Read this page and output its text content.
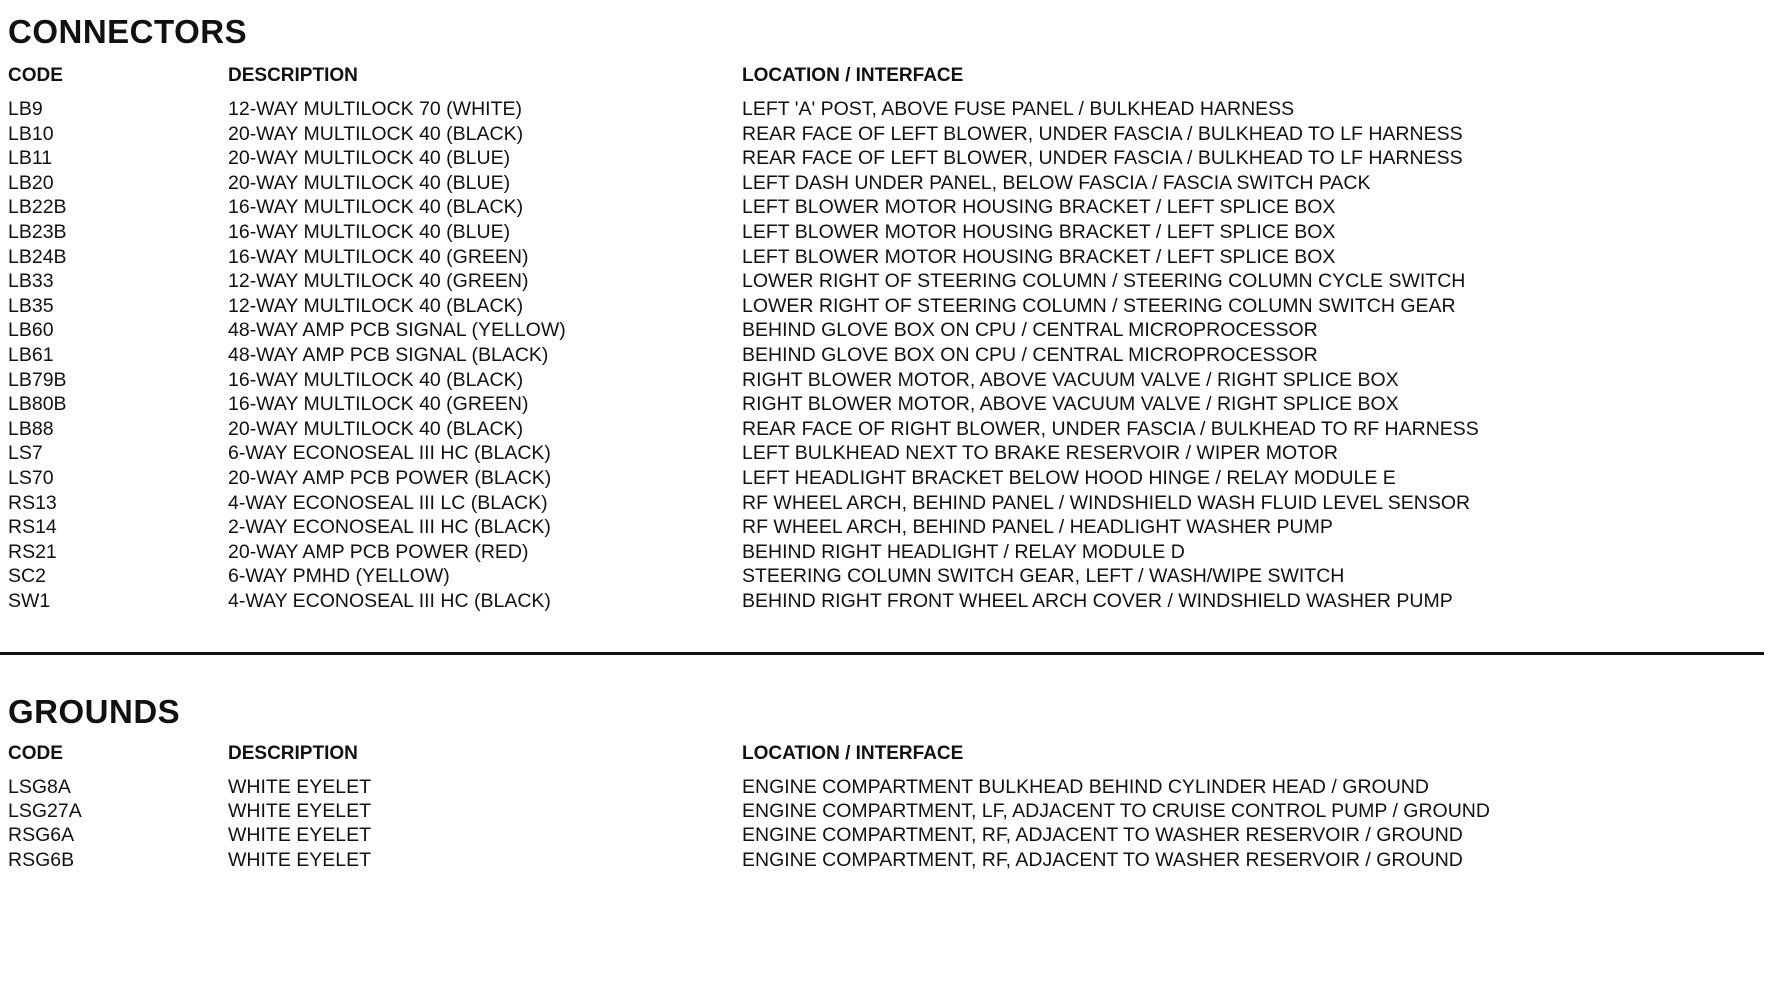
CONNECTORS
CODE	DESCRIPTION	LOCATION / INTERFACE
LB9	12-WAY MULTILOCK 70 (WHITE)	LEFT 'A' POST, ABOVE FUSE PANEL / BULKHEAD HARNESS
LB10	20-WAY MULTILOCK 40 (BLACK)	REAR FACE OF LEFT BLOWER, UNDER FASCIA / BULKHEAD TO LF HARNESS
LB11	20-WAY MULTILOCK 40 (BLUE)	REAR FACE OF LEFT BLOWER, UNDER FASCIA / BULKHEAD TO LF HARNESS
LB20	20-WAY MULTILOCK 40 (BLUE)	LEFT DASH UNDER PANEL, BELOW FASCIA / FASCIA SWITCH PACK
LB22B	16-WAY MULTILOCK 40 (BLACK)	LEFT BLOWER MOTOR HOUSING BRACKET / LEFT SPLICE BOX
LB23B	16-WAY MULTILOCK 40 (BLUE)	LEFT BLOWER MOTOR HOUSING BRACKET / LEFT SPLICE BOX
LB24B	16-WAY MULTILOCK 40 (GREEN)	LEFT BLOWER MOTOR HOUSING BRACKET / LEFT SPLICE BOX
LB33	12-WAY MULTILOCK 40 (GREEN)	LOWER RIGHT OF STEERING COLUMN / STEERING COLUMN CYCLE SWITCH
LB35	12-WAY MULTILOCK 40 (BLACK)	LOWER RIGHT OF STEERING COLUMN / STEERING COLUMN SWITCH GEAR
LB60	48-WAY AMP PCB SIGNAL (YELLOW)	BEHIND GLOVE BOX ON CPU / CENTRAL MICROPROCESSOR
LB61	48-WAY AMP PCB SIGNAL (BLACK)	BEHIND GLOVE BOX ON CPU / CENTRAL MICROPROCESSOR
LB79B	16-WAY MULTILOCK 40 (BLACK)	RIGHT BLOWER MOTOR, ABOVE VACUUM VALVE / RIGHT SPLICE BOX
LB80B	16-WAY MULTILOCK 40 (GREEN)	RIGHT BLOWER MOTOR, ABOVE VACUUM VALVE / RIGHT SPLICE BOX
LB88	20-WAY MULTILOCK 40 (BLACK)	REAR FACE OF RIGHT BLOWER, UNDER FASCIA / BULKHEAD TO RF HARNESS
LS7	6-WAY ECONOSEAL III HC (BLACK)	LEFT BULKHEAD NEXT TO BRAKE RESERVOIR / WIPER MOTOR
LS70	20-WAY AMP PCB POWER (BLACK)	LEFT HEADLIGHT BRACKET BELOW HOOD HINGE / RELAY MODULE E
RS13	4-WAY ECONOSEAL III LC (BLACK)	RF WHEEL ARCH, BEHIND PANEL / WINDSHIELD WASH FLUID LEVEL SENSOR
RS14	2-WAY ECONOSEAL III HC (BLACK)	RF WHEEL ARCH, BEHIND PANEL / HEADLIGHT WASHER PUMP
RS21	20-WAY AMP PCB POWER (RED)	BEHIND RIGHT HEADLIGHT / RELAY MODULE D
SC2	6-WAY PMHD (YELLOW)	STEERING COLUMN SWITCH GEAR, LEFT / WASH/WIPE SWITCH
SW1	4-WAY ECONOSEAL III HC (BLACK)	BEHIND RIGHT FRONT WHEEL ARCH COVER / WINDSHIELD WASHER PUMP
GROUNDS
CODE	DESCRIPTION	LOCATION / INTERFACE
LSG8A	WHITE EYELET	ENGINE COMPARTMENT BULKHEAD BEHIND CYLINDER HEAD / GROUND
LSG27A	WHITE EYELET	ENGINE COMPARTMENT, LF, ADJACENT TO CRUISE CONTROL PUMP / GROUND
RSG6A	WHITE EYELET	ENGINE COMPARTMENT, RF, ADJACENT TO WASHER RESERVOIR / GROUND
RSG6B	WHITE EYELET	ENGINE COMPARTMENT, RF, ADJACENT TO WASHER RESERVOIR / GROUND
